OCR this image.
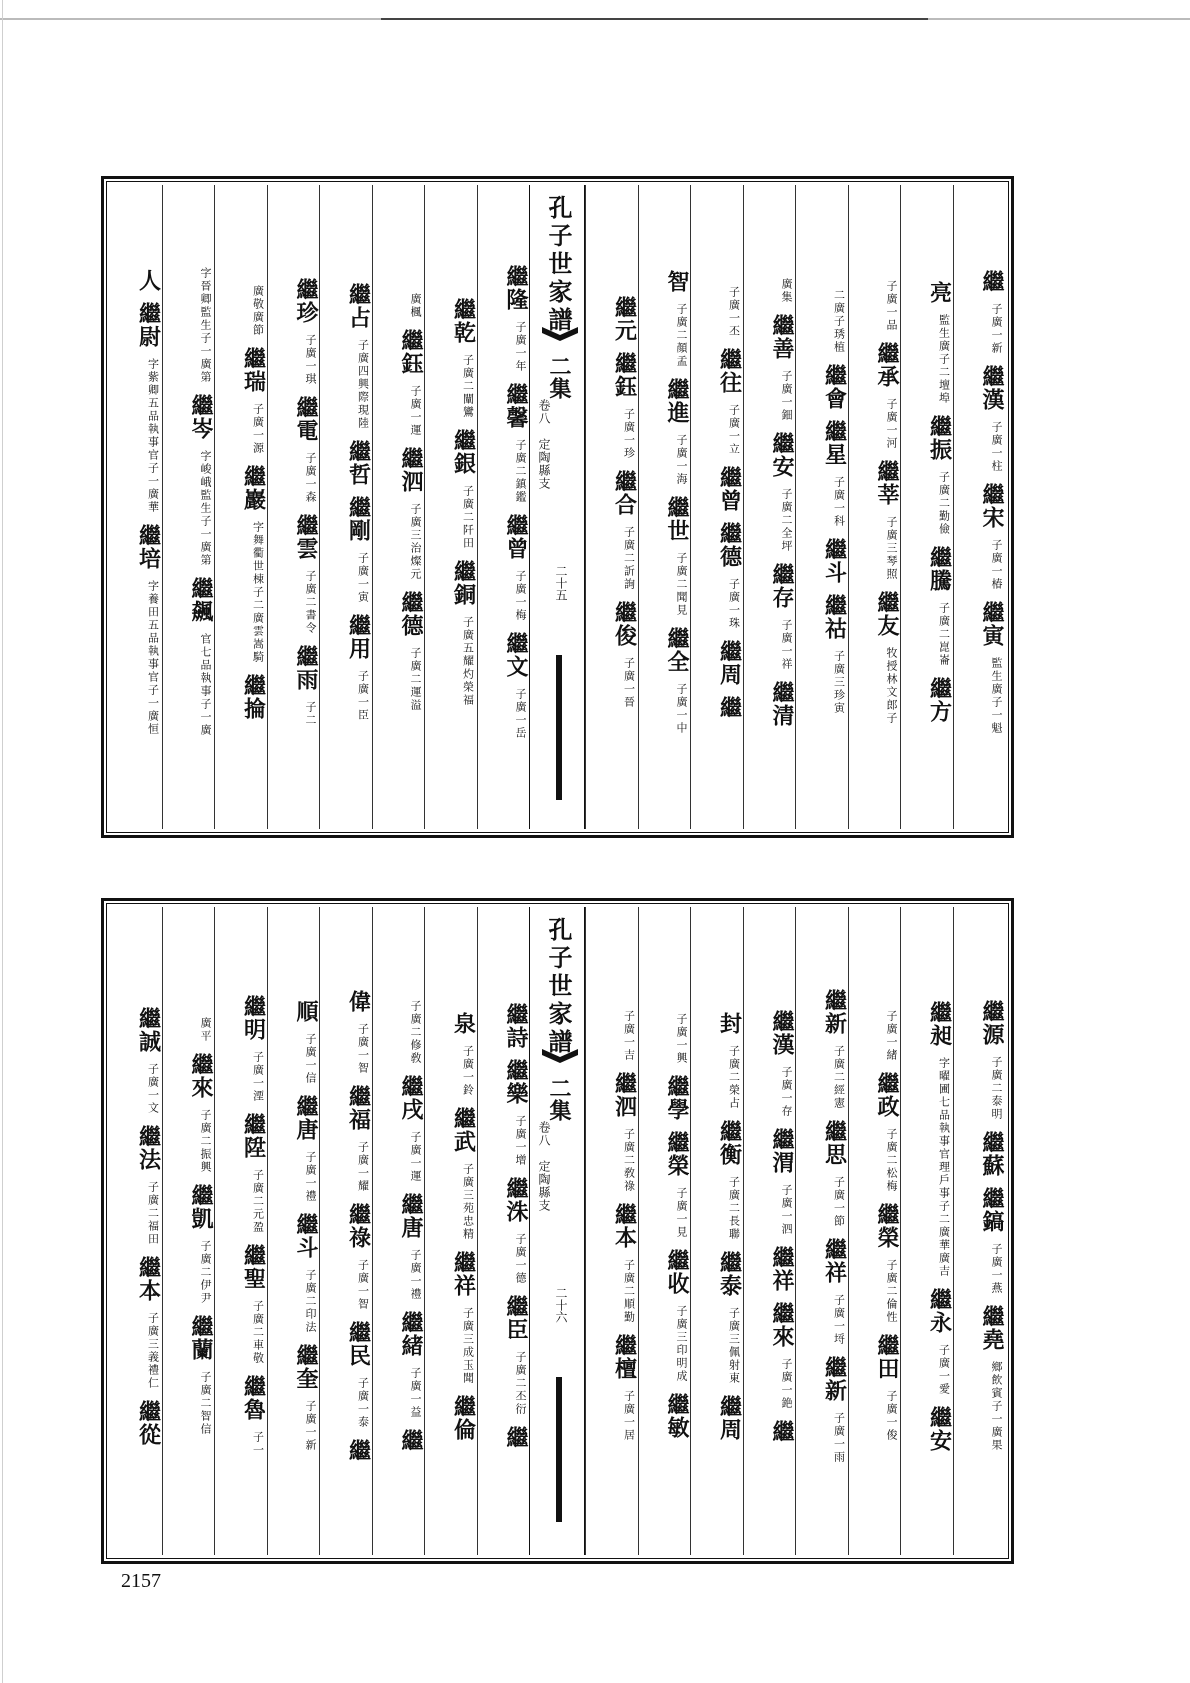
繼
子廣一新
繼漢
子廣一柱
繼宋
子廣一椿
繼寅
監生廣子一魁
亮
監生廣子二壇埠
繼振
子廣二勤儉
繼騰
子廣二崑崙
繼方
子廣一品
繼承
子廣一河
繼莘
子廣三琴照
繼友
牧授林文郎子
二廣子琇植
繼會
繼星
子廣一科
繼斗
繼祜
子廣三珍寅
廣集
繼善
子廣一鈿
繼安
子廣二全坪
繼存
子廣一祥
繼清
子廣一丕
繼往
子廣一立
繼曾
繼德
子廣一珠
繼周
繼
智
子廣二顏孟
繼進
子廣一海
繼世
子廣二聞見
繼全
子廣一中
繼元
繼鈺
子廣一珍
繼合
子廣二訢詢
繼俊
子廣一晉
孔子世家譜
二集
卷八　定陶縣支
二十五
繼隆
子廣一年
繼馨
子廣二鎮鑑
繼曾
子廣一梅
繼文
子廣一岳
繼乾
子廣二闡鸞
繼銀
子廣二阡田
繼銅
子廣五耀灼榮福
廣楓
繼鈺
子廣一運
繼泗
子廣三治燦元
繼德
子廣二運溢
繼占
子廣四興際現陸
繼哲
繼剛
子廣一寅
繼用
子廣一臣
繼珍
子廣一琪
繼電
子廣一森
繼雲
子廣二書令
繼雨
子二
廣敬廣節
繼瑞
子廣一源
繼巖
字舞衢世棟子二廣雲嵩騎
繼掄
字晉卿監生子一廣第
繼岑
字峻峨監生子一廣第
繼飆
官七品執事子一廣
人
繼尉
字紫卿五品執事官子一廣華
繼培
字養田五品執事官子一廣恒
繼源
子廣二泰明
繼蘇
繼鎬
子廣一燕
繼堯
鄉飲賓子一廣果
繼昶
字曜圃七品執事官理戶事子二廣華廣吉
繼永
子廣一愛
繼安
子廣一緒
繼政
子廣二松梅
繼榮
子廣二倫性
繼田
子廣一俊
繼新
子廣二經憲
繼思
子廣一節
繼祥
子廣一埒
繼新
子廣一雨
繼漢
子廣一存
繼渭
子廣一泗
繼祥
繼來
子廣一銫
繼
封
子廣二榮占
繼衡
子廣二長聯
繼泰
子廣三佩射東
繼周
子廣一興
繼學
繼榮
子廣一見
繼收
子廣三印明成
繼敏
子廣一吉
繼泗
子廣二敎祿
繼本
子廣二順勤
繼檀
子廣一居
孔子世家譜
二集
卷八　定陶縣支
二十六
繼詩
繼樂
子廣一增
繼洙
子廣一德
繼臣
子廣二丕衍
繼
泉
子廣一鈴
繼武
子廣三苑忠精
繼祥
子廣三成玉聞
繼倫
子廣二修敎
繼戌
子廣一運
繼唐
子廣一禮
繼緒
子廣一益
繼
偉
子廣一智
繼福
子廣一耀
繼祿
子廣一智
繼民
子廣一泰
繼
順
子廣一信
繼唐
子廣一禮
繼斗
子廣二印法
繼奎
子廣一新
繼明
子廣一湮
繼陞
子廣二元盈
繼聖
子廣二車敬
繼魯
子一
廣平
繼來
子廣二振興
繼凱
子廣二伊尹
繼蘭
子廣二智信
繼誠
子廣一文
繼法
子廣二福田
繼本
子廣三義禮仁
繼從
2157
